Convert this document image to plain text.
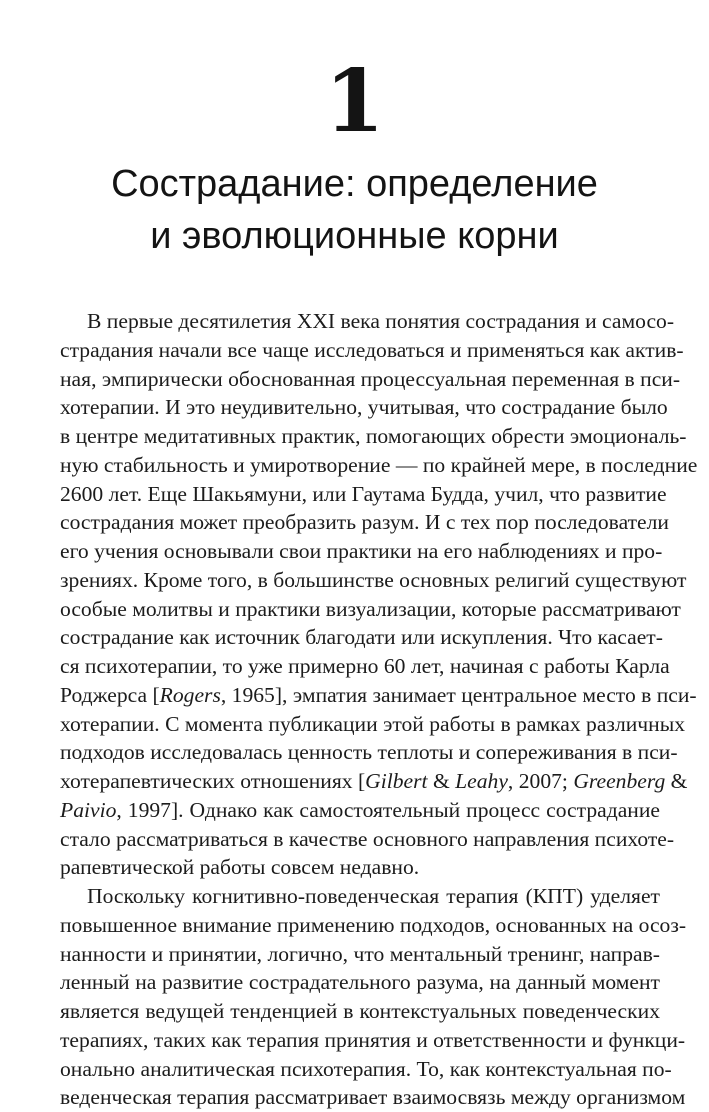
1
Сострадание: определение
и эволюционные корни
В первые десятилетия XXI века понятия сострадания и самосо-
страдания начали все чаще исследоваться и применяться как актив-
ная, эмпирически обоснованная процессуальная переменная в пси-
хотерапии. И это неудивительно, учитывая, что сострадание было
в центре медитативных практик, помогающих обрести эмоциональ-
ную стабильность и умиротворение — по крайней мере, в последние
2600 лет. Еще Шакьямуни, или Гаутама Будда, учил, что развитие
сострадания может преобразить разум. И с тех пор последователи
его учения основывали свои практики на его наблюдениях и про-
зрениях. Кроме того, в большинстве основных религий существуют
особые молитвы и практики визуализации, которые рассматривают
сострадание как источник благодати или искупления. Что касает-
ся психотерапии, то уже примерно 60 лет, начиная с работы Карла
Роджерса [Rogers, 1965], эмпатия занимает центральное место в пси-
хотерапии. С момента публикации этой работы в рамках различных
подходов исследовалась ценность теплоты и сопереживания в пси-
хотерапевтических отношениях [Gilbert & Leahy, 2007; Greenberg &
Paivio, 1997]. Однако как самостоятельный процесс сострадание
стало рассматриваться в качестве основного направления психоте-
рапевтической работы совсем недавно.
Поскольку когнитивно-поведенческая терапия (КПТ) уделяет
повышенное внимание применению подходов, основанных на осоз-
нанности и принятии, логично, что ментальный тренинг, направ-
ленный на развитие сострадательного разума, на данный момент
является ведущей тенденцией в контекстуальных поведенческих
терапиях, таких как терапия принятия и ответственности и функци-
онально аналитическая психотерапия. То, как контекстуальная по-
веденческая терапия рассматривает взаимосвязь между организмом
